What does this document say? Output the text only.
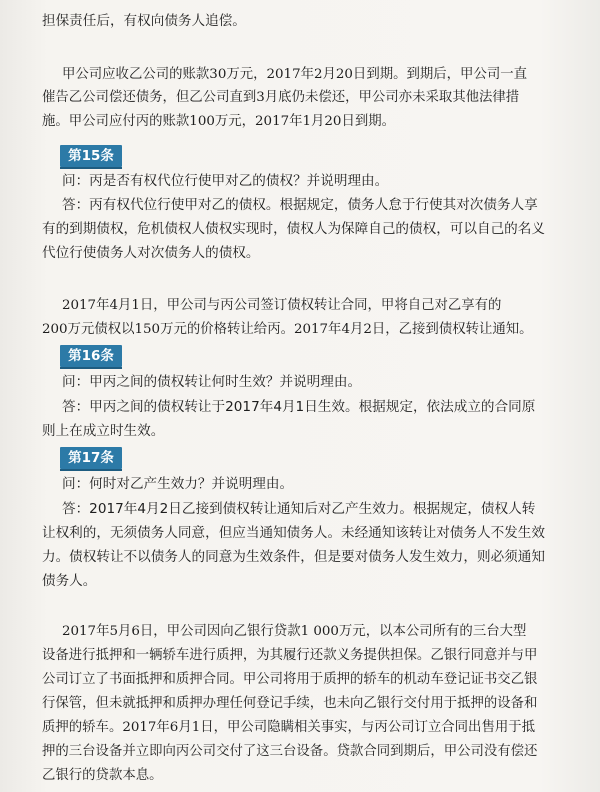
担保责任后，有权向债务人追偿。
甲公司应收乙公司的账款30万元，2017年2月20日到期。到期后，甲公司一直
催告乙公司偿还债务，但乙公司直到3月底仍未偿还，甲公司亦未采取其他法律措
施。甲公司应付丙的账款100万元，2017年1月20日到期。
第15条
问：丙是否有权代位行使甲对乙的债权？并说明理由。
答：丙有权代位行使甲对乙的债权。根据规定，债务人怠于行使其对次债务人享
有的到期债权，危机债权人债权实现时，债权人为保障自己的债权，可以自己的名义
代位行使债务人对次债务人的债权。
2017年4月1日，甲公司与丙公司签订债权转让合同，甲将自己对乙享有的
200万元债权以150万元的价格转让给丙。2017年4月2日，乙接到债权转让通知。
第16条
问：甲丙之间的债权转让何时生效？并说明理由。
答：甲丙之间的债权转让于2017年4月1日生效。根据规定，依法成立的合同原
则上在成立时生效。
第17条
问：何时对乙产生效力？并说明理由。
答：2017年4月2日乙接到债权转让通知后对乙产生效力。根据规定，债权人转
让权利的，无须债务人同意，但应当通知债务人。未经通知该转让对债务人不发生效
力。债权转让不以债务人的同意为生效条件，但是要对债务人发生效力，则必须通知
债务人。
2017年5月6日，甲公司因向乙银行贷款1 000万元，以本公司所有的三台大型
设备进行抵押和一辆轿车进行质押，为其履行还款义务提供担保。乙银行同意并与甲
公司订立了书面抵押和质押合同。甲公司将用于质押的轿车的机动车登记证书交乙银
行保管，但未就抵押和质押办理任何登记手续，也未向乙银行交付用于抵押的设备和
质押的轿车。2017年6月1日，甲公司隐瞒相关事实，与丙公司订立合同出售用于抵
押的三台设备并立即向丙公司交付了这三台设备。贷款合同到期后，甲公司没有偿还
乙银行的贷款本息。
